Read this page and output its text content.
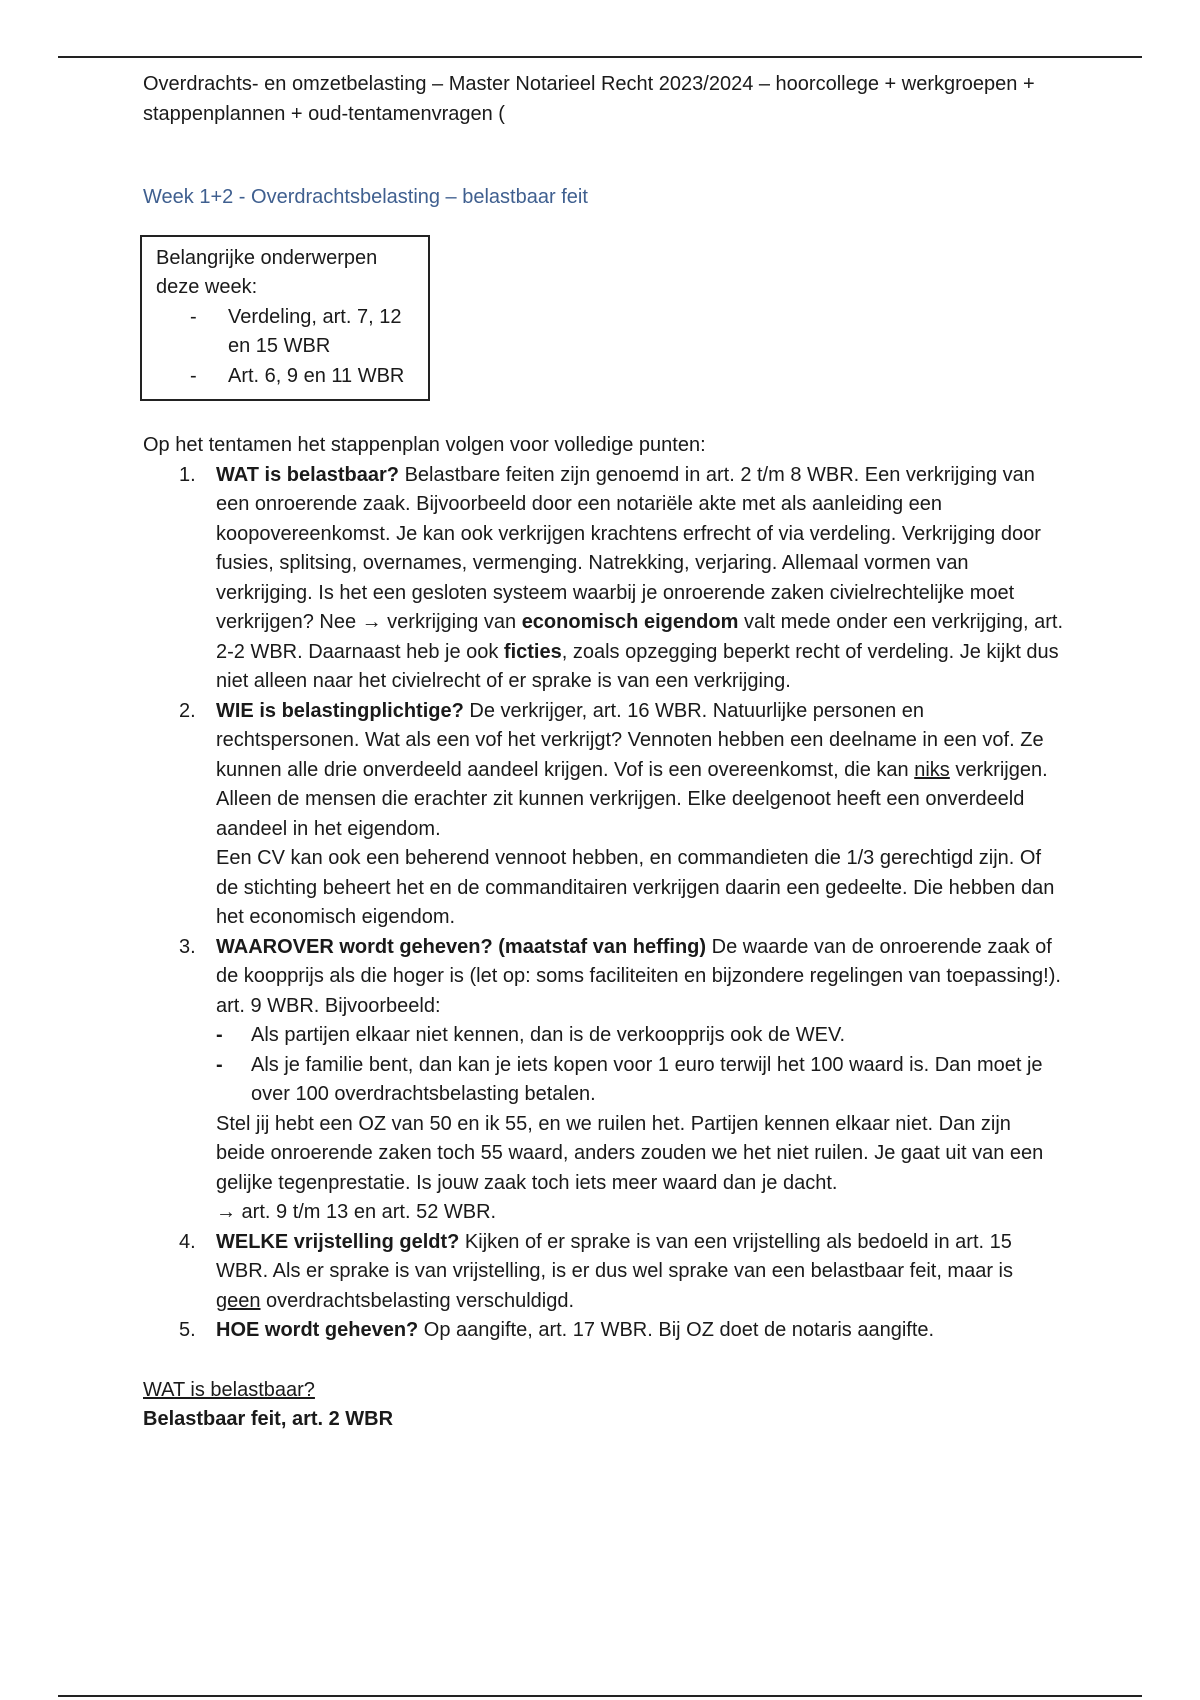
Overdrachts- en omzetbelasting – Master Notarieel Recht 2023/2024 – hoorcollege + werkgroepen + stappenplannen + oud-tentamenvragen (

Week 1+2 - Overdrachtsbelasting – belastbaar feit
Belangrijke onderwerpen deze week:
- Verdeling, art. 7, 12 en 15 WBR
- Art. 6, 9 en 11 WBR

Op het tentamen het stappenplan volgen voor volledige punten:

1. WAT is belastbaar? Belastbare feiten zijn genoemd in art. 2 t/m 8 WBR. Een verkrijging van een onroerende zaak. Bijvoorbeeld door een notariële akte met als aanleiding een koopovereenkomst. Je kan ook verkrijgen krachtens erfrecht of via verdeling. Verkrijging door fusies, splitsing, overnames, vermenging. Natrekking, verjaring. Allemaal vormen van verkrijging. Is het een gesloten systeem waarbij je onroerende zaken civielrechtelijke moet verkrijgen? Nee → verkrijging van economisch eigendom valt mede onder een verkrijging, art. 2-2 WBR. Daarnaast heb je ook ficties, zoals opzegging beperkt recht of verdeling. Je kijkt dus niet alleen naar het civielrecht of er sprake is van een verkrijging.
2. WIE is belastingplichtige? De verkrijger, art. 16 WBR. Natuurlijke personen en rechtspersonen. Wat als een vof het verkrijgt? Vennoten hebben een deelname in een vof. Ze kunnen alle drie onverdeeld aandeel krijgen. Vof is een overeenkomst, die kan niks verkrijgen. Alleen de mensen die erachter zit kunnen verkrijgen. Elke deelgenoot heeft een onverdeeld aandeel in het eigendom.
Een CV kan ook een beherend vennoot hebben, en commandieten die 1/3 gerechtigd zijn. Of de stichting beheert het en de commanditairen verkrijgen daarin een gedeelte. Die hebben dan het economisch eigendom.
3. WAAROVER wordt geheven? (maatstaf van heffing) De waarde van de onroerende zaak of de koopprijs als die hoger is (let op: soms faciliteiten en bijzondere regelingen van toepassing!). art. 9 WBR. Bijvoorbeeld:
- Als partijen elkaar niet kennen, dan is de verkoopprijs ook de WEV.
- Als je familie bent, dan kan je iets kopen voor 1 euro terwijl het 100 waard is. Dan moet je over 100 overdrachtsbelasting betalen.
Stel jij hebt een OZ van 50 en ik 55, en we ruilen het. Partijen kennen elkaar niet. Dan zijn beide onroerende zaken toch 55 waard, anders zouden we het niet ruilen. Je gaat uit van een gelijke tegenprestatie. Is jouw zaak toch iets meer waard dan je dacht.
→ art. 9 t/m 13 en art. 52 WBR.
4. WELKE vrijstelling geldt? Kijken of er sprake is van een vrijstelling als bedoeld in art. 15 WBR. Als er sprake is van vrijstelling, is er dus wel sprake van een belastbaar feit, maar is geen overdrachtsbelasting verschuldigd.
5. HOE wordt geheven? Op aangifte, art. 17 WBR. Bij OZ doet de notaris aangifte.

WAT is belastbaar?

Belastbaar feit, art. 2 WBR
